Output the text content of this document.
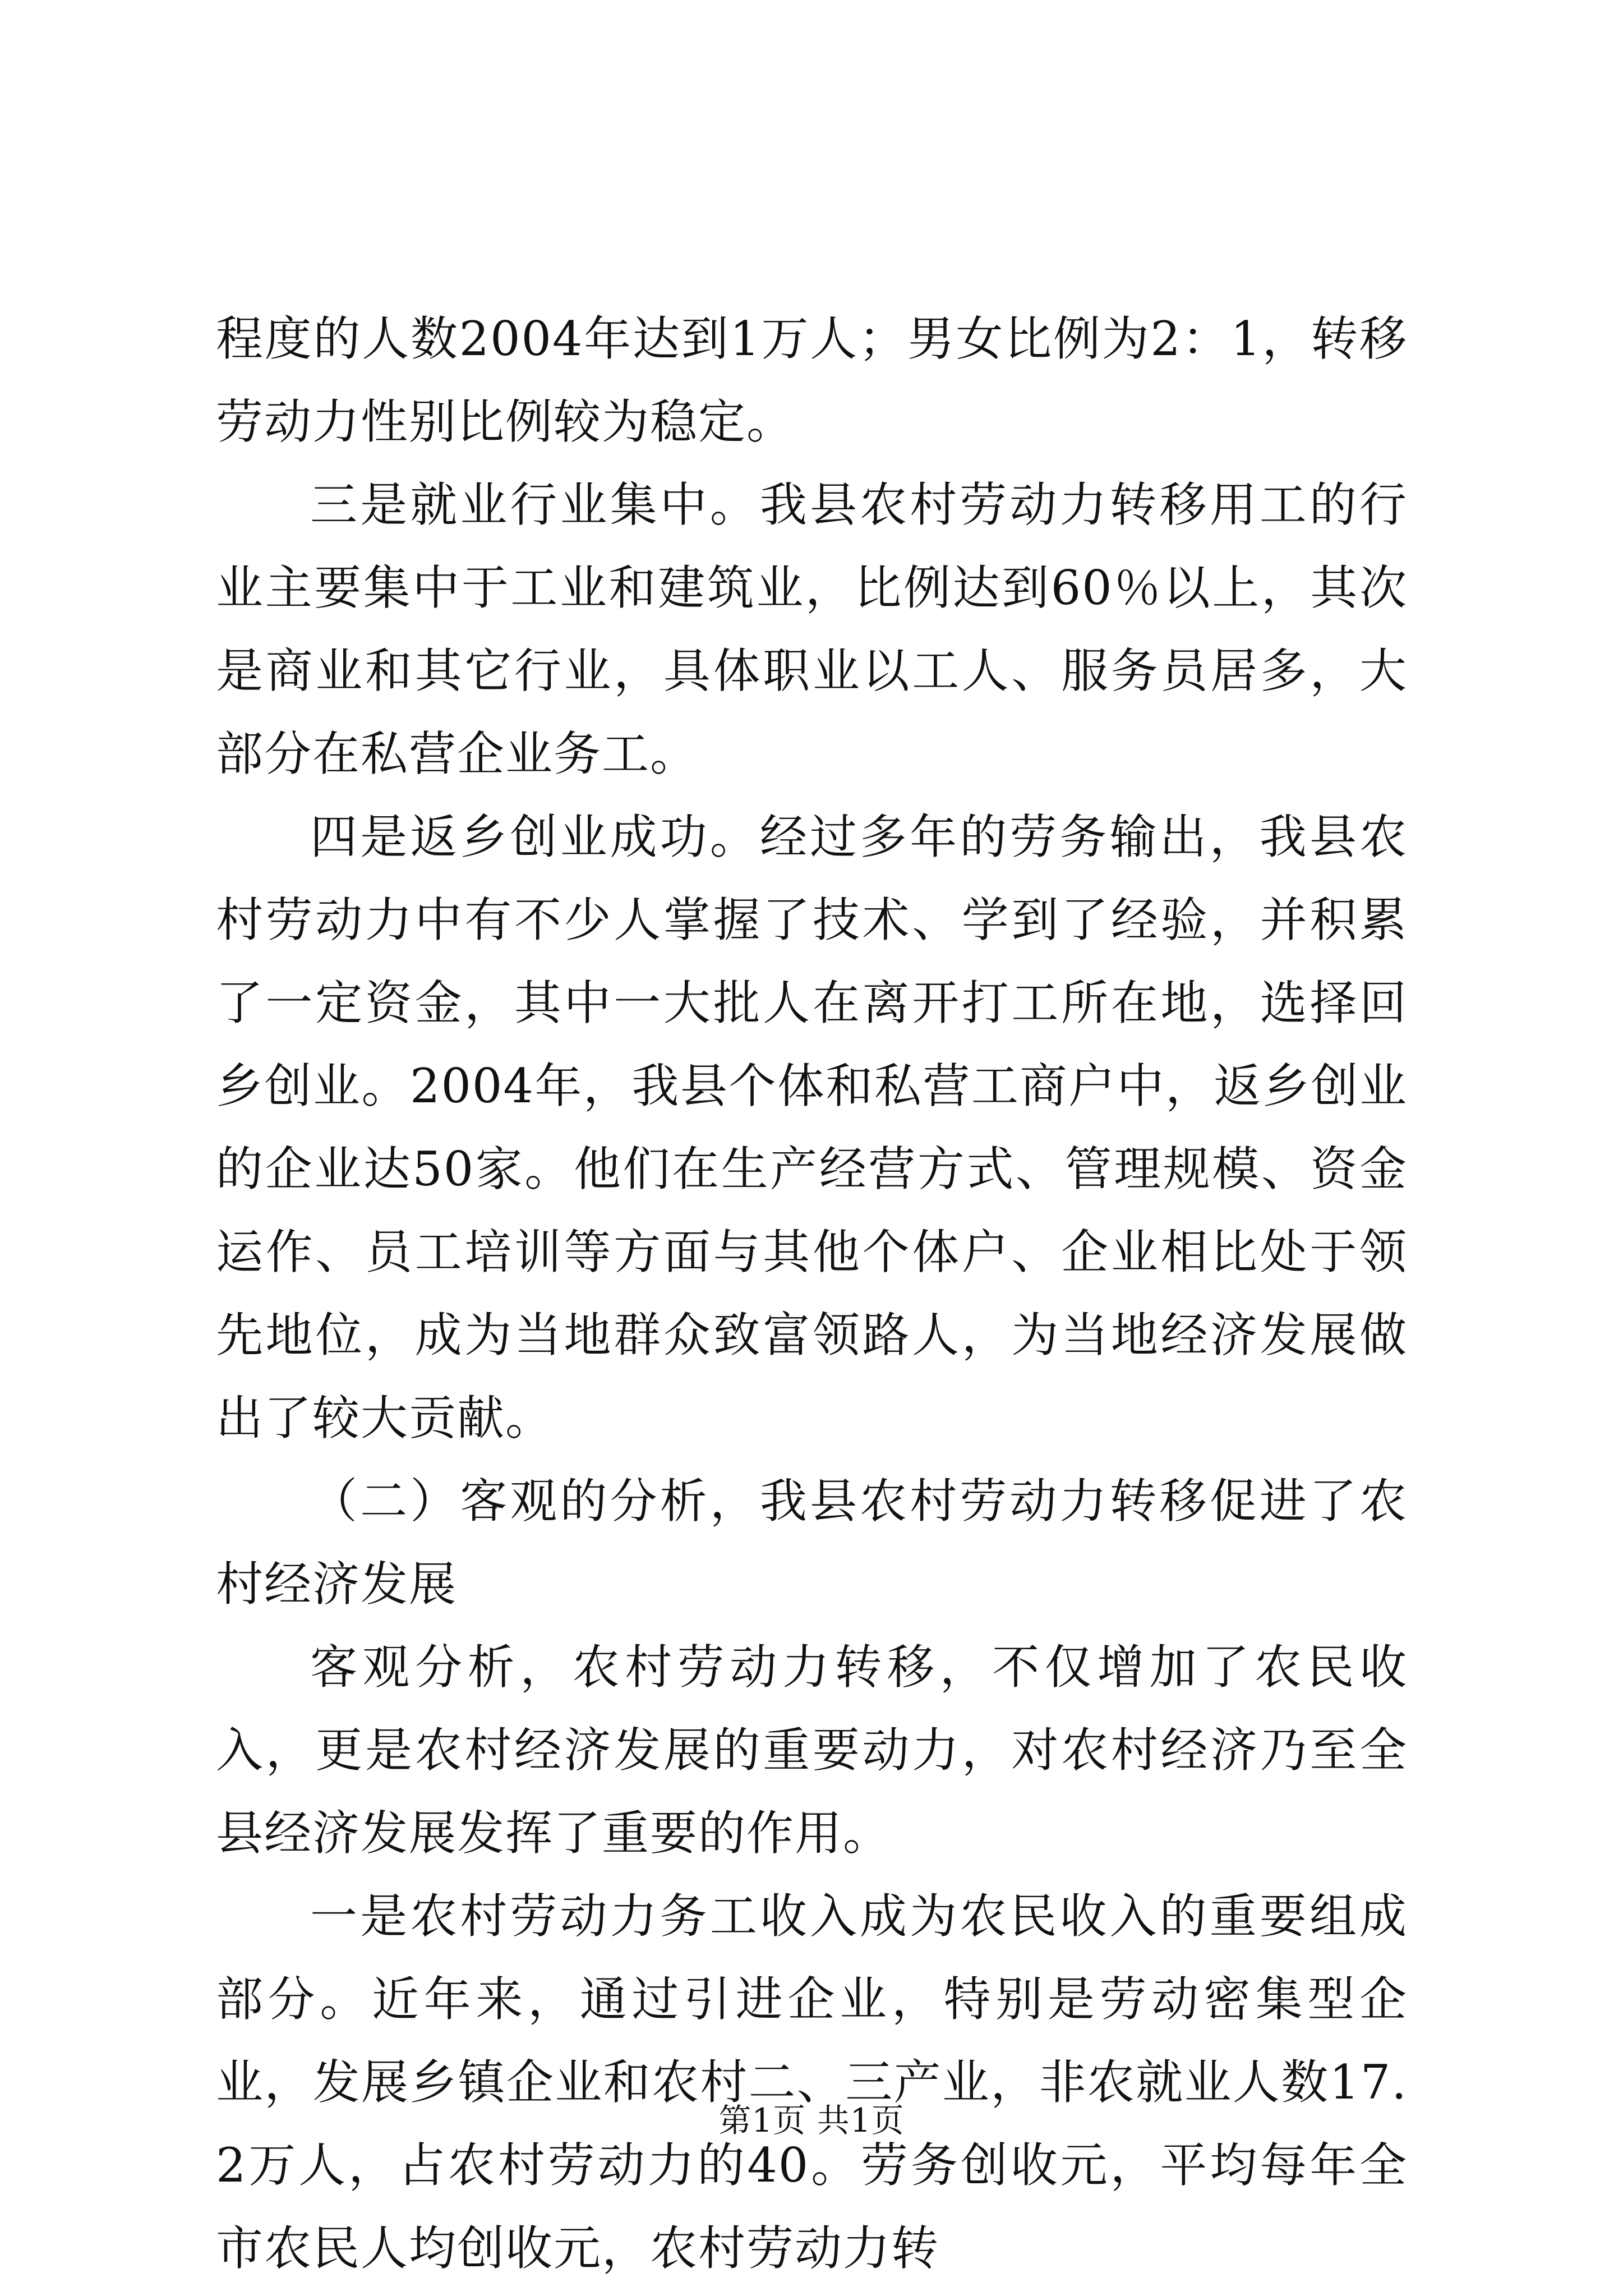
程度的人数2004年达到1万人；男女比例为2：1，转移劳动力性别比例较为稳定。

三是就业行业集中。我县农村劳动力转移用工的行业主要集中于工业和建筑业，比例达到60％以上，其次是商业和其它行业，具体职业以工人、服务员居多，大部分在私营企业务工。

四是返乡创业成功。经过多年的劳务输出，我县农村劳动力中有不少人掌握了技术、学到了经验，并积累了一定资金，其中一大批人在离开打工所在地，选择回乡创业。2004年，我县个体和私营工商户中，返乡创业的企业达50家。他们在生产经营方式、管理规模、资金运作、员工培训等方面与其他个体户、企业相比处于领先地位，成为当地群众致富领路人，为当地经济发展做出了较大贡献。

（二）客观的分析，我县农村劳动力转移促进了农村经济发展

客观分析，农村劳动力转移，不仅增加了农民收入，更是农村经济发展的重要动力，对农村经济乃至全县经济发展发挥了重要的作用。

一是农村劳动力务工收入成为农民收入的重要组成部分。近年来，通过引进企业，特别是劳动密集型企业，发展乡镇企业和农村二、三产业，非农就业人数17.2万人，占农村劳动力的40。劳务创收元，平均每年全市农民人均创收元，农村劳动力转

第1页 共1页
